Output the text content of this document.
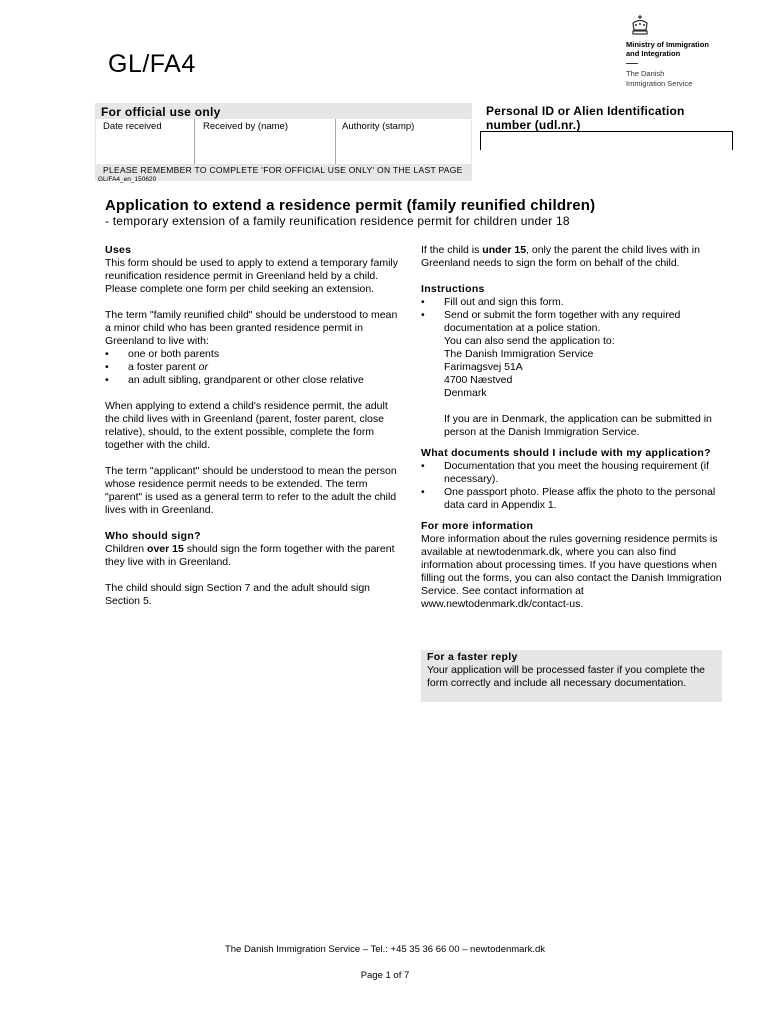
GL/FA4
Ministry of Immigration
and Integration
The Danish
Immigration Service
For official use only
Date received	Received by (name)	Authority (stamp)
PLEASE REMEMBER TO COMPLETE 'FOR OFFICIAL USE ONLY' ON THE LAST PAGE
GL/FA4_en_150620
Personal ID or Alien Identification
number (udl.nr.)
Application to extend a residence permit (family reunified children)
- temporary extension of a family reunification residence permit for children under 18

Uses

This form should be used to apply to extend a temporary family reunification residence permit in Greenland held by a child. Please complete one form per child seeking an extension.

The term "family reunified child" should be understood to mean a minor child who has been granted residence permit in Greenland to live with:

• one or both parents
• a foster parent or
• an adult sibling, grandparent or other close relative

When applying to extend a child's residence permit, the adult the child lives with in Greenland (parent, foster parent, close relative), should, to the extent possible, complete the form together with the child.

The term "applicant" should be understood to mean the person whose residence permit needs to be extended. The term "parent" is used as a general term to refer to the adult the child lives with in Greenland.

Who should sign?

Children over 15 should sign the form together with the parent they live with in Greenland.

The child should sign Section 7 and the adult should sign Section 5.

If the child is under 15, only the parent the child lives with in Greenland needs to sign the form on behalf of the child.

Instructions

• Fill out and sign this form.
• Send or submit the form together with any required documentation at a police station.
You can also send the application to:
The Danish Immigration Service
Farimagsvej 51A
4700 Næstved
Denmark

If you are in Denmark, the application can be submitted in person at the Danish Immigration Service.

What documents should I include with my application?

• Documentation that you meet the housing requirement (if necessary).
• One passport photo. Please affix the photo to the personal data card in Appendix 1.

For more information

More information about the rules governing residence permits is available at newtodenmark.dk, where you can also find information about processing times. If you have questions when filling out the forms, you can also contact the Danish Immigration Service. See contact information at www.newtodenmark.dk/contact-us.

For a faster reply

Your application will be processed faster if you complete the form correctly and include all necessary documentation.

The Danish Immigration Service – Tel.: +45 35 36 66 00 – newtodenmark.dk
Page 1 of 7
